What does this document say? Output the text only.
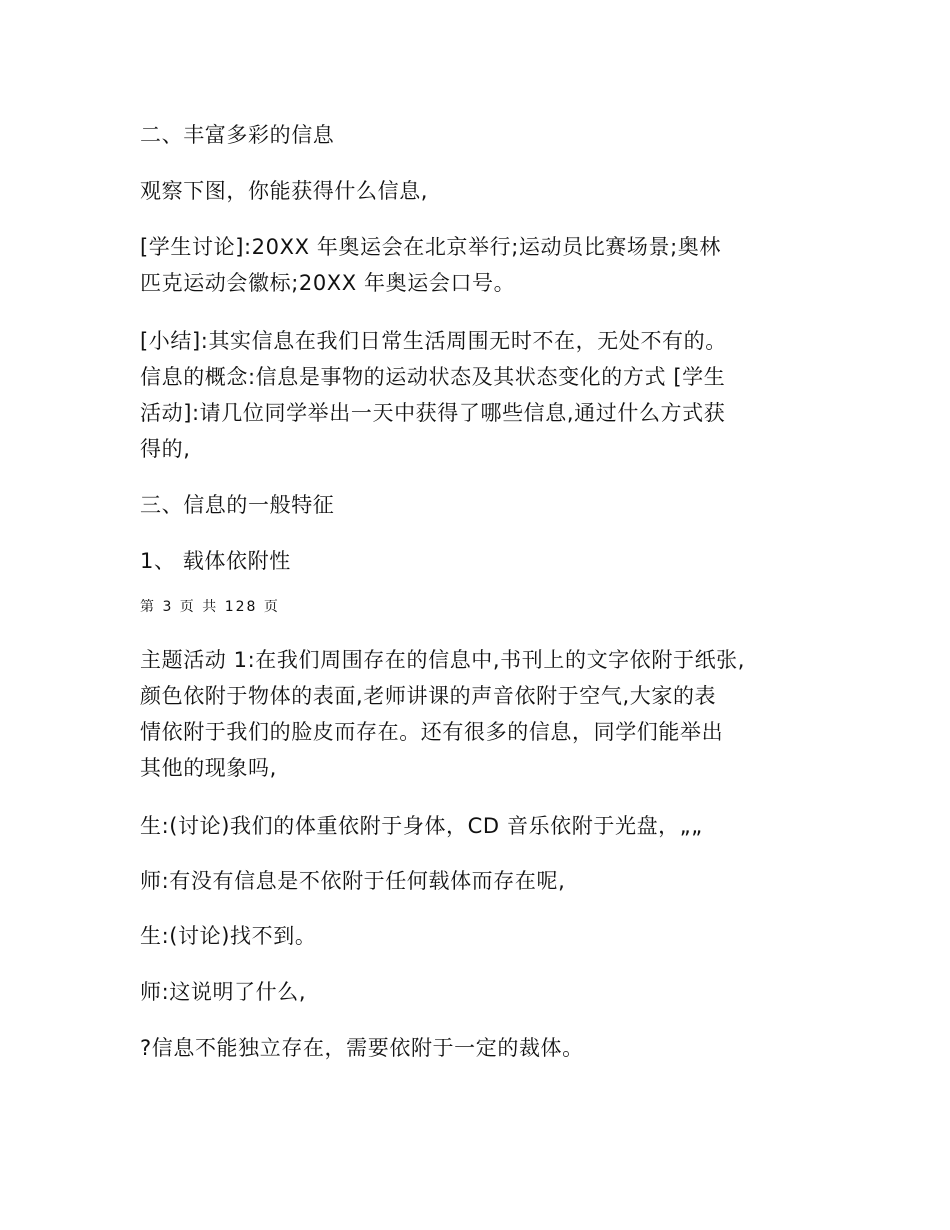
二、丰富多彩的信息
观察下图，你能获得什么信息,
[学生讨论]:20XX 年奥运会在北京举行;运动员比赛场景;奥林
匹克运动会徽标;20XX 年奥运会口号。
[小结]:其实信息在我们日常生活周围无时不在，无处不有的。
信息的概念:信息是事物的运动状态及其状态变化的方式 [学生
活动]:请几位同学举出一天中获得了哪些信息,通过什么方式获
得的,
三、信息的一般特征
1、 载体依附性
第 3 页 共 128 页
主题活动 1:在我们周围存在的信息中,书刊上的文字依附于纸张,
颜色依附于物体的表面,老师讲课的声音依附于空气,大家的表
情依附于我们的脸皮而存在。还有很多的信息，同学们能举出
其他的现象吗,
生:(讨论)我们的体重依附于身体，CD 音乐依附于光盘，„„
师:有没有信息是不依附于任何载体而存在呢,
生:(讨论)找不到。
师:这说明了什么,
?信息不能独立存在，需要依附于一定的裁体。
